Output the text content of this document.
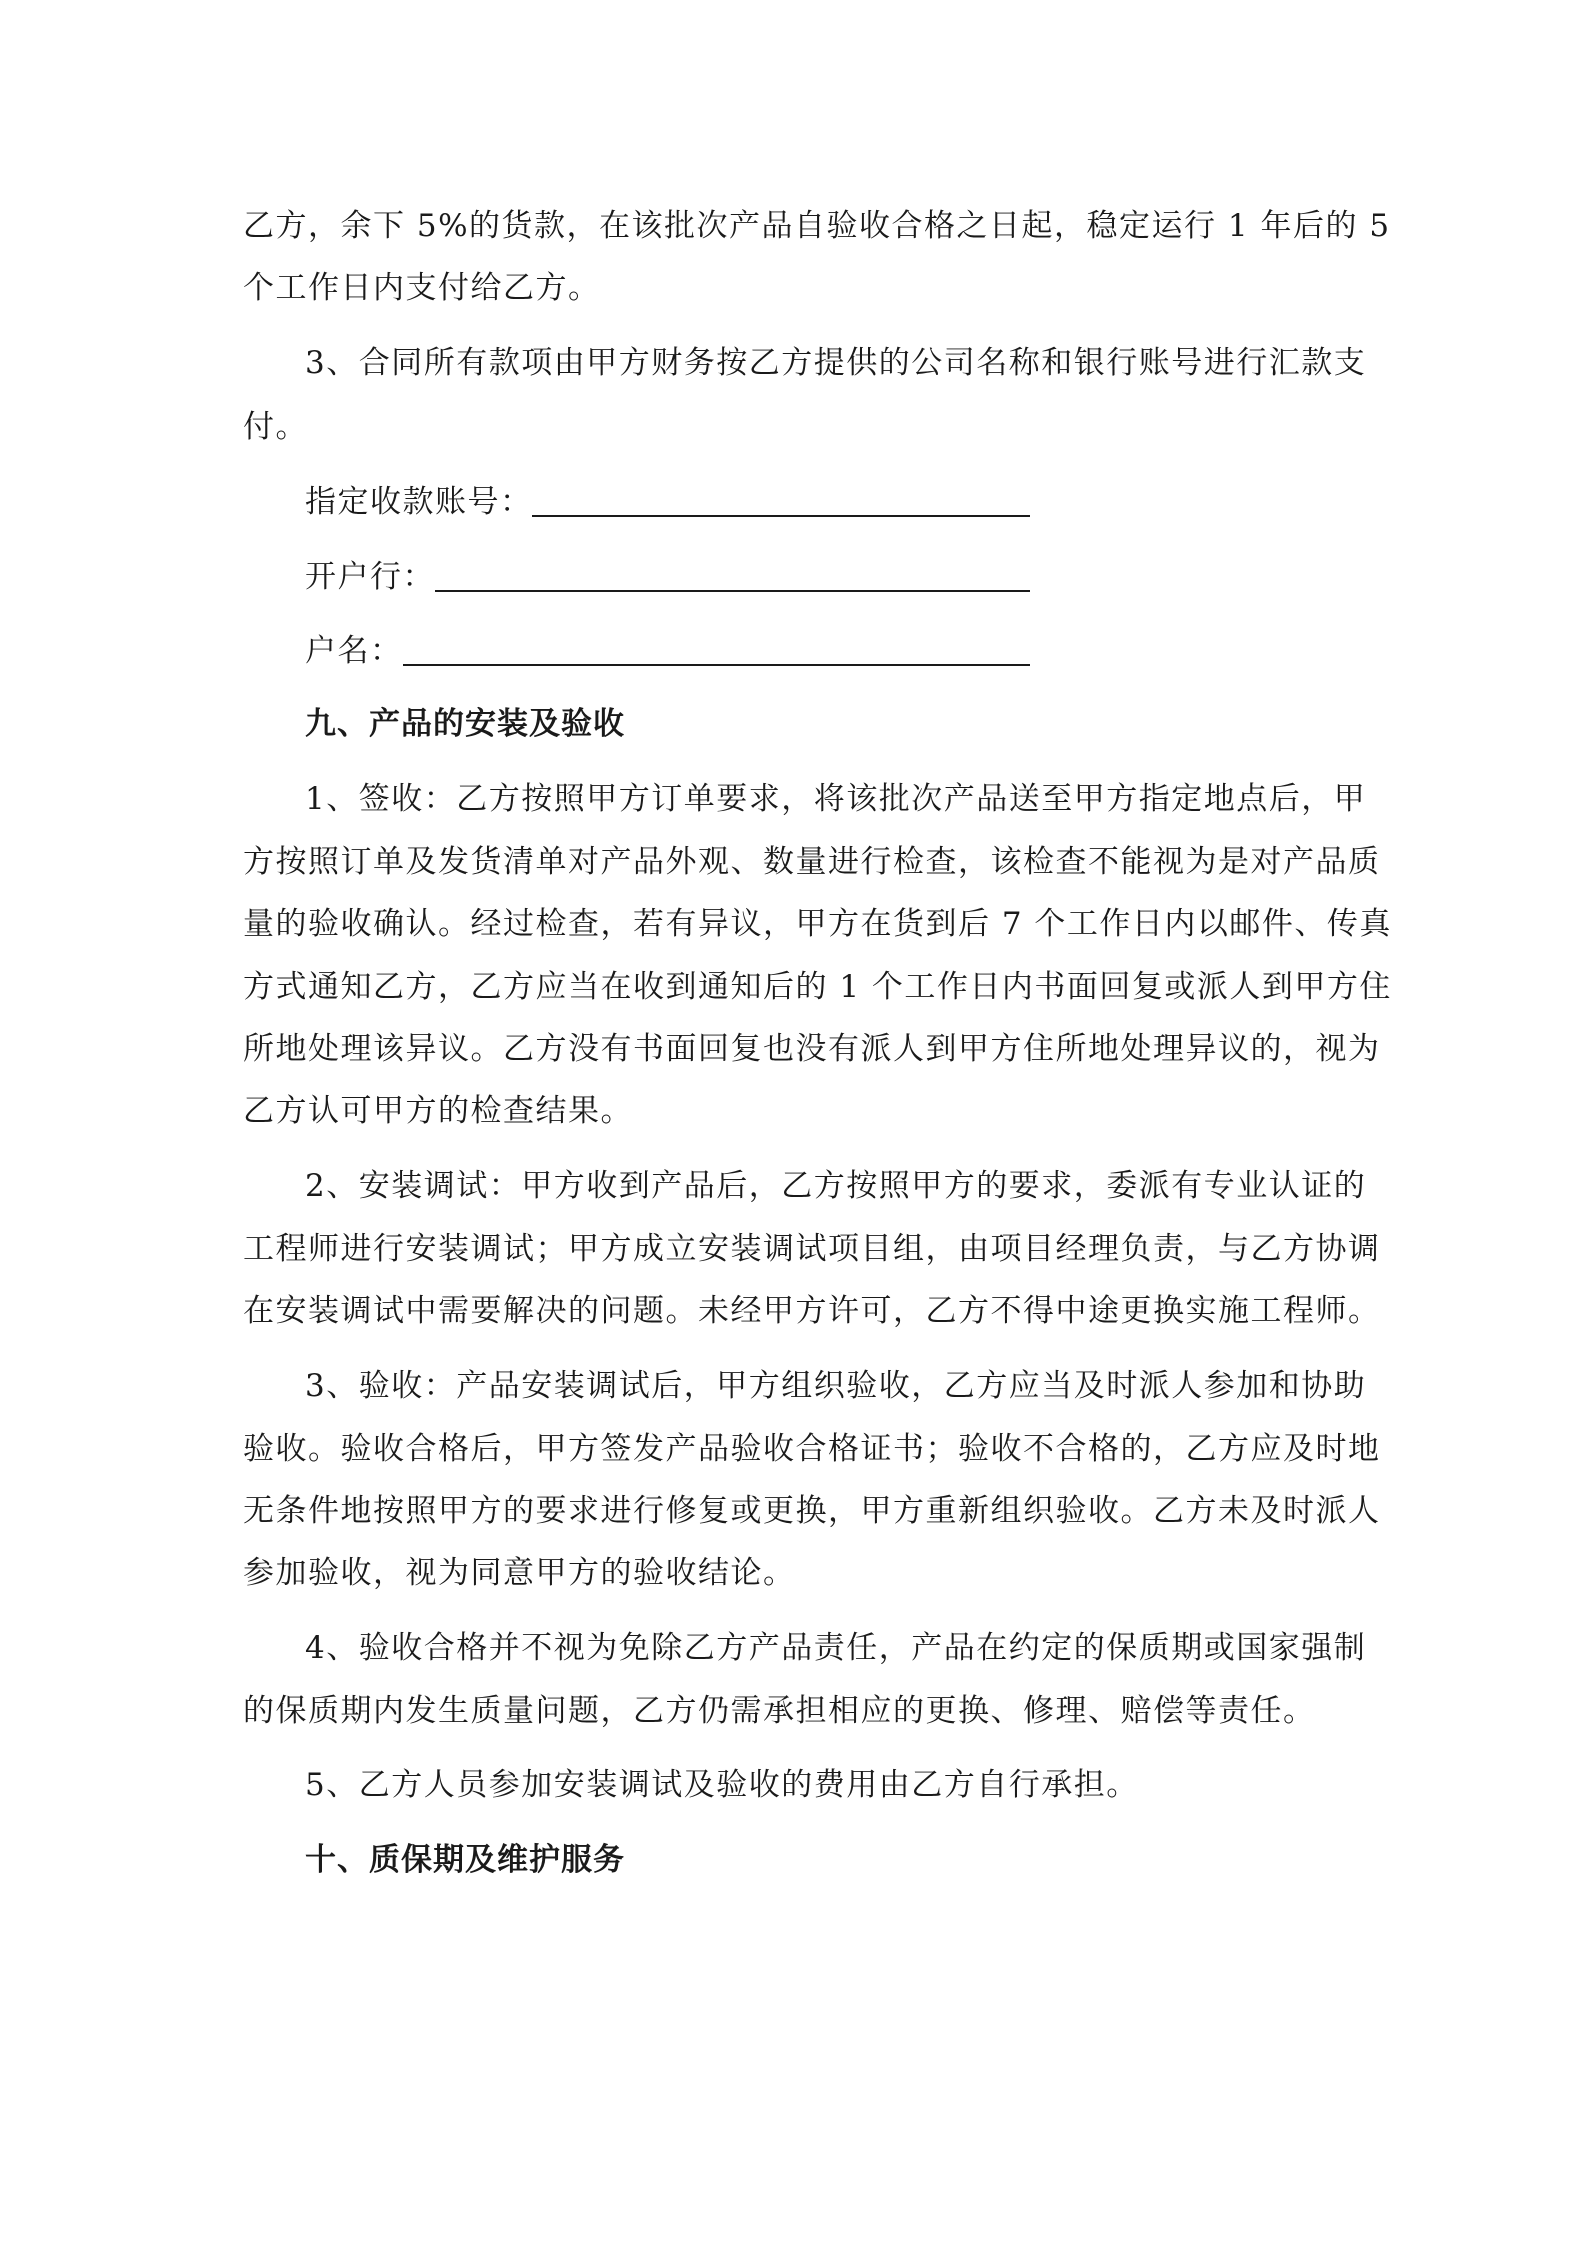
乙方，余下 5%的货款，在该批次产品自验收合格之日起，稳定运行 1 年后的 5
个工作日内支付给乙方。
3、合同所有款项由甲方财务按乙方提供的公司名称和银行账号进行汇款支
付。
指定收款账号：
开户行：
户名：
九、产品的安装及验收
1、签收：乙方按照甲方订单要求，将该批次产品送至甲方指定地点后，甲
方按照订单及发货清单对产品外观、数量进行检查，该检查不能视为是对产品质
量的验收确认。经过检查，若有异议，甲方在货到后 7 个工作日内以邮件、传真
方式通知乙方，乙方应当在收到通知后的 1 个工作日内书面回复或派人到甲方住
所地处理该异议。乙方没有书面回复也没有派人到甲方住所地处理异议的，视为
乙方认可甲方的检查结果。
2、安装调试：甲方收到产品后，乙方按照甲方的要求，委派有专业认证的
工程师进行安装调试；甲方成立安装调试项目组，由项目经理负责，与乙方协调
在安装调试中需要解决的问题。未经甲方许可，乙方不得中途更换实施工程师。
3、验收：产品安装调试后，甲方组织验收，乙方应当及时派人参加和协助
验收。验收合格后，甲方签发产品验收合格证书；验收不合格的，乙方应及时地
无条件地按照甲方的要求进行修复或更换，甲方重新组织验收。乙方未及时派人
参加验收，视为同意甲方的验收结论。
4、验收合格并不视为免除乙方产品责任，产品在约定的保质期或国家强制
的保质期内发生质量问题，乙方仍需承担相应的更换、修理、赔偿等责任。
5、乙方人员参加安装调试及验收的费用由乙方自行承担。
十、质保期及维护服务
